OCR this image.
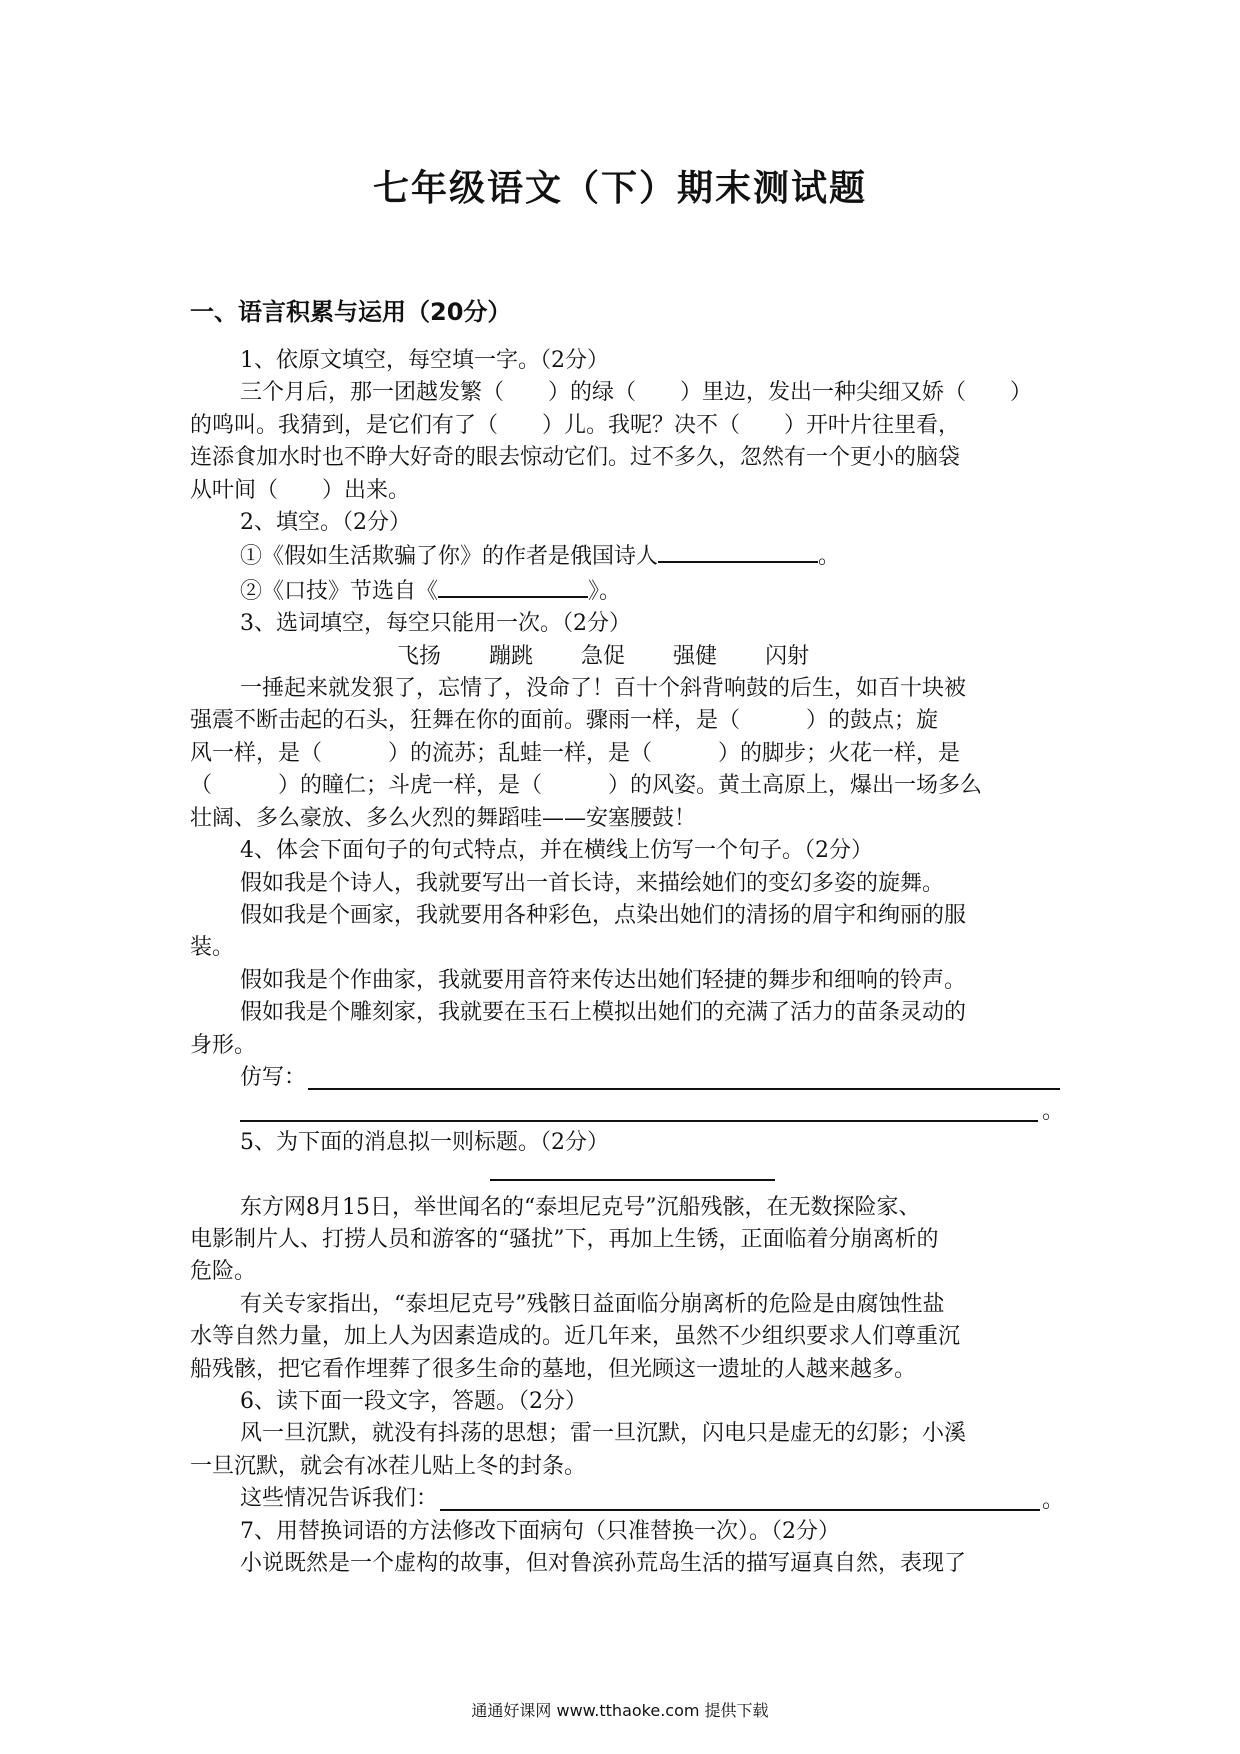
七年级语文（下）期末测试题
一、语言积累与运用（20分）

1、依原文填空，每空填一字。（2分）

三个月后，那一团越发繁（　　）的绿（　　）里边，发出一种尖细又娇（　　）

的鸣叫。我猜到，是它们有了（　　）儿。我呢？决不（　　）开叶片往里看，

连添食加水时也不睁大好奇的眼去惊动它们。过不多久，忽然有一个更小的脑袋

从叶间（　　）出来。

2、填空。（2分）

①《假如生活欺骗了你》的作者是俄国诗人	。

②《口技》节选自《	》。

3、选词填空，每空只能用一次。（2分）

飞扬 蹦跳 急促 强健 闪射

一捶起来就发狠了，忘情了，没命了！百十个斜背响鼓的后生，如百十块被

强震不断击起的石头，狂舞在你的面前。骤雨一样，是（　　　）的鼓点；旋

风一样，是（　　　）的流苏；乱蛙一样，是（　　　）的脚步；火花一样，是

（　　　）的瞳仁；斗虎一样，是（　　　）的风姿。黄土高原上，爆出一场多么

壮阔、多么豪放、多么火烈的舞蹈哇——安塞腰鼓！

4、体会下面句子的句式特点，并在横线上仿写一个句子。（2分）

假如我是个诗人，我就要写出一首长诗，来描绘她们的变幻多姿的旋舞。

假如我是个画家，我就要用各种彩色，点染出她们的清扬的眉宇和绚丽的服

装。

假如我是个作曲家，我就要用音符来传达出她们轻捷的舞步和细响的铃声。

假如我是个雕刻家，我就要在玉石上模拟出她们的充满了活力的苗条灵动的

身形。

仿写：
。

5、为下面的消息拟一则标题。（2分）

东方网8月15日，举世闻名的“泰坦尼克号”沉船残骸，在无数探险家、

电影制片人、打捞人员和游客的“骚扰”下，再加上生锈，正面临着分崩离析的

危险。

有关专家指出，“泰坦尼克号”残骸日益面临分崩离析的危险是由腐蚀性盐

水等自然力量，加上人为因素造成的。近几年来，虽然不少组织要求人们尊重沉

船残骸，把它看作埋葬了很多生命的墓地，但光顾这一遗址的人越来越多。

6、读下面一段文字，答题。（2分）

风一旦沉默，就没有抖荡的思想；雷一旦沉默，闪电只是虚无的幻影；小溪

一旦沉默，就会有冰茬儿贴上冬的封条。

这些情况告诉我们：	。

7、用替换词语的方法修改下面病句（只准替换一次）。（2分）

小说既然是一个虚构的故事，但对鲁滨孙荒岛生活的描写逼真自然，表现了

通通好课网 www.tthaoke.com 提供下载
